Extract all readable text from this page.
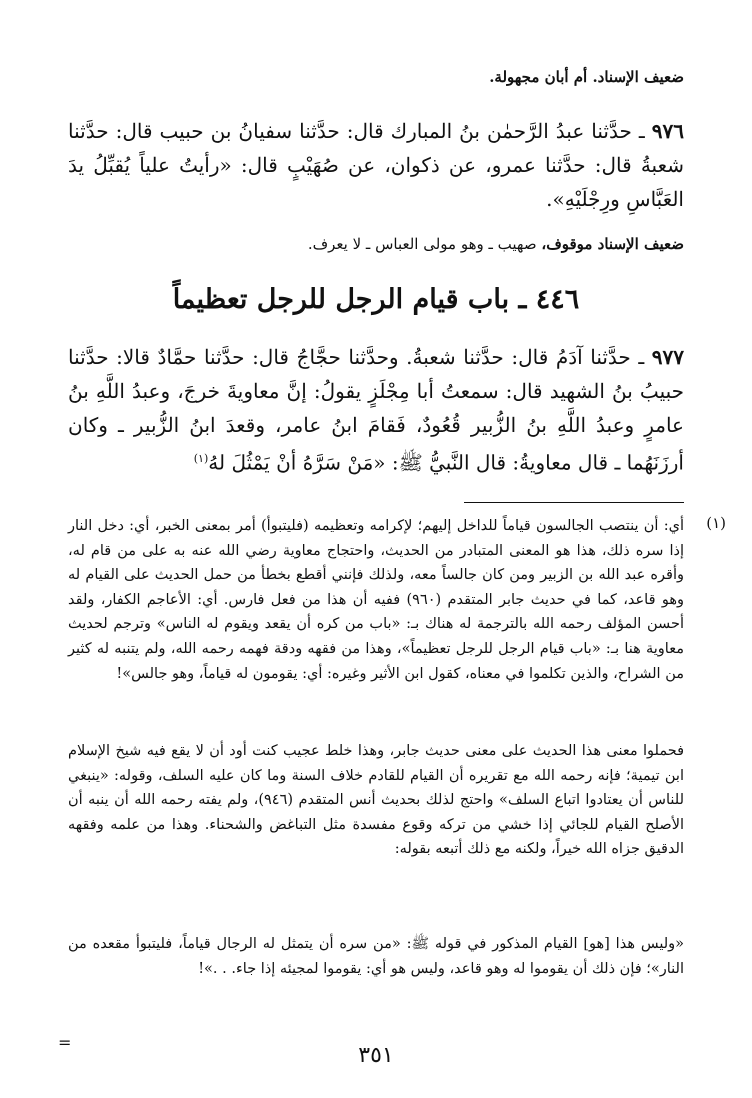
ضعيف الإسناد. أم أبان مجهولة.
٩٧٦ ـ حدَّثنا عبدُ الرَّحمٰن بنُ المبارك قال: حدَّثنا سفيانُ بن حبيب قال: حدَّثنا شعبةُ قال: حدَّثنا عمرو، عن ذكوان، عن صُهَيْبٍ قال: «رأيتُ علياً يُقبِّلُ يدَ العَبَّاسِ ورِجْلَيْهِ».
ضعيف الإسناد موقوف، صهيب ـ وهو مولى العباس ـ لا يعرف.
٤٤٦ ـ باب قيام الرجل للرجل تعظيماً
٩٧٧ ـ حدَّثنا آدَمُ قال: حدَّثنا شعبةُ. وحدَّثنا حجَّاجُ قال: حدَّثنا حمَّادٌ قالا: حدَّثنا حبيبُ بنُ الشهيد قال: سمعتُ أبا مِجْلَزٍ يقولُ: إنَّ معاويةَ خرجَ، وعبدُ اللَّهِ بنُ عامرٍ وعبدُ اللَّهِ بنُ الزُّبير قُعُودٌ، فَقامَ ابنُ عامر، وقعدَ ابنُ الزُّبير ـ وكان أرزَنَهُما ـ قال معاويةُ: قال النَّبيُّ ﷺ: «مَنْ سَرَّهُ أنْ يَمْثُلَ لهُ$^{(١)}$
(١)
أي: أن ينتصب الجالسون قياماً للداخل إليهم؛ لإكرامه وتعظيمه (فليتبوأ) أمر بمعنى الخبر، أي: دخل النار إذا سره ذلك، هذا هو المعنى المتبادر من الحديث، واحتجاج معاوية رضي الله عنه به على من قام له، وأقره عبد الله بن الزبير ومن كان جالساً معه، ولذلك فإنني أقطع بخطأ من حمل الحديث على القيام له وهو قاعد، كما في حديث جابر المتقدم (٩٦٠) ففيه أن هذا من فعل فارس. أي: الأعاجم الكفار، ولقد أحسن المؤلف رحمه الله بالترجمة له هناك بـ: «باب من كره أن يقعد ويقوم له الناس» وترجم لحديث معاوية هنا بـ: «باب قيام الرجل للرجل تعظيماً»، وهذا من فقهه ودقة فهمه رحمه الله، ولم يتنبه له كثير من الشراح، والذين تكلموا في معناه، كقول ابن الأثير وغيره: أي: يقومون له قياماً، وهو جالس»!
فحملوا معنى هذا الحديث على معنى حديث جابر، وهذا خلط عجيب كنت أود أن لا يقع فيه شيخ الإسلام ابن تيمية؛ فإنه رحمه الله مع تقريره أن القيام للقادم خلاف السنة وما كان عليه السلف، وقوله: «ينبغي للناس أن يعتادوا اتباع السلف» واحتج لذلك بحديث أنس المتقدم (٩٤٦)، ولم يفته رحمه الله أن ينبه أن الأصلح القيام للجائي إذا خشي من تركه وقوع مفسدة مثل التباغض والشحناء. وهذا من علمه وفقهه الدقيق جزاه الله خيراً، ولكنه مع ذلك أتبعه بقوله:
«وليس هذا [هو] القيام المذكور في قوله ﷺ: «من سره أن يتمثل له الرجال قياماً، فليتبوأ مقعده من النار»؛ فإن ذلك أن يقوموا له وهو قاعد، وليس هو أي: يقوموا لمجيئه إذا جاء. . .»!
=
٣٥١
